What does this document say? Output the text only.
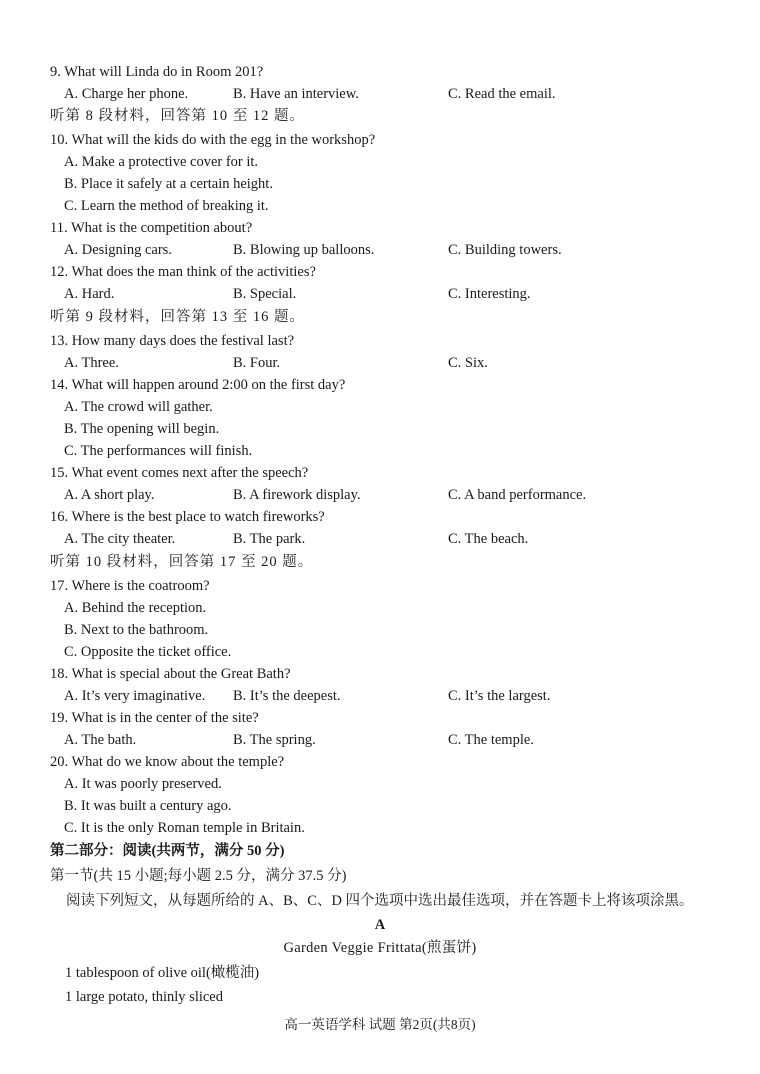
9. What will Linda do in Room 201?
A. Charge her phone.	B. Have an interview.	C. Read the email.
听第 8 段材料，回答第 10 至 12 题。
10. What will the kids do with the egg in the workshop?
A. Make a protective cover for it.
B. Place it safely at a certain height.
C. Learn the method of breaking it.
11. What is the competition about?
A. Designing cars.	B. Blowing up balloons.	C. Building towers.
12. What does the man think of the activities?
A. Hard.	B. Special.	C. Interesting.
听第 9 段材料，回答第 13 至 16 题。
13. How many days does the festival last?
A. Three.	B. Four.	C. Six.
14. What will happen around 2:00 on the first day?
A. The crowd will gather.
B. The opening will begin.
C. The performances will finish.
15. What event comes next after the speech?
A. A short play.	B. A firework display.	C. A band performance.
16. Where is the best place to watch fireworks?
A. The city theater.	B. The park.	C. The beach.
听第 10 段材料，回答第 17 至 20 题。
17. Where is the coatroom?
A. Behind the reception.
B. Next to the bathroom.
C. Opposite the ticket office.
18. What is special about the Great Bath?
A. It’s very imaginative. B. It’s the deepest.	C. It’s the largest.
19. What is in the center of the site?
A. The bath.	B. The spring.	C. The temple.
20. What do we know about the temple?
A. It was poorly preserved.
B. It was built a century ago.
C. It is the only Roman temple in Britain.
第二部分：阅读(共两节，满分 50 分)
第一节(共 15 小题;每小题 2.5 分，满分 37.5 分)
阅读下列短文，从每题所给的 A、B、C、D 四个选项中选出最佳选项，并在答题卡上将该项涂黑。
A
Garden Veggie Frittata(煎蛋饼)
1 tablespoon of olive oil(橄榄油)
1 large potato, thinly sliced
高一英语学科 试题 第2页(共8页)
